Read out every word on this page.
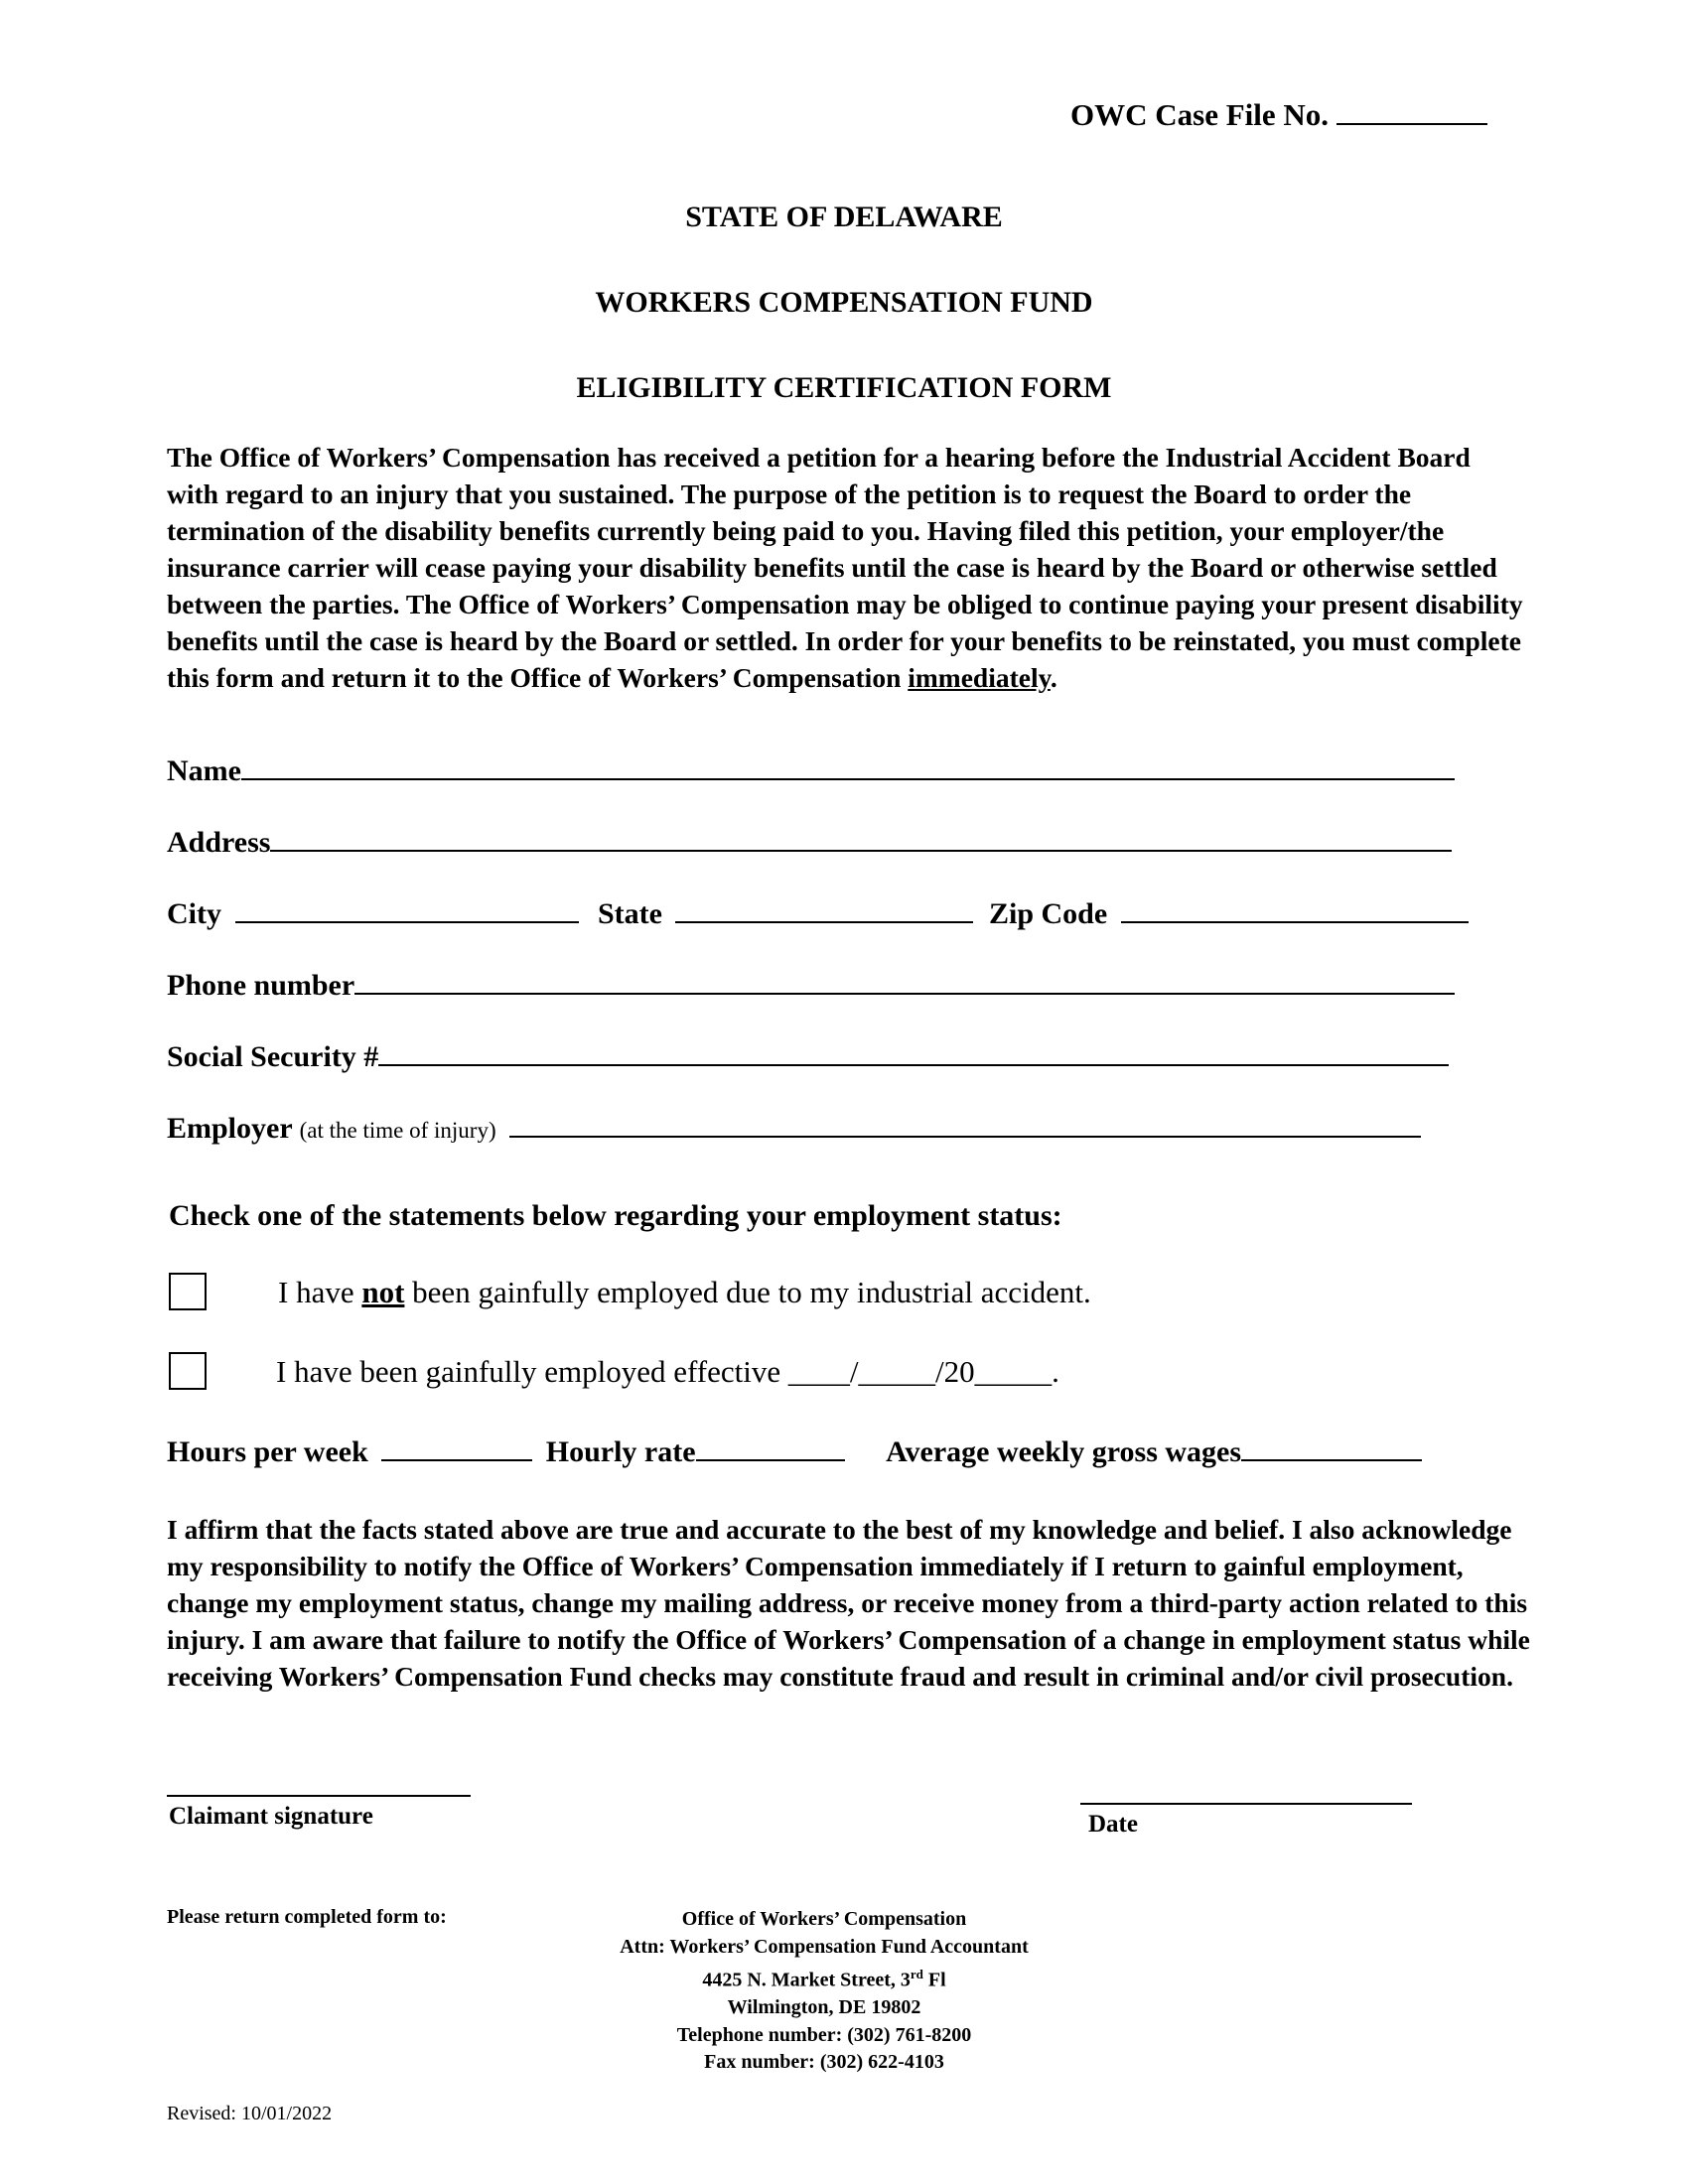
OWC Case File No.
STATE OF DELAWARE
WORKERS COMPENSATION FUND
ELIGIBILITY CERTIFICATION FORM
The Office of Workers’ Compensation has received a petition for a hearing before the Industrial Accident Board with regard to an injury that you sustained. The purpose of the petition is to request the Board to order the termination of the disability benefits currently being paid to you. Having filed this petition, your employer/the insurance carrier will cease paying your disability benefits until the case is heard by the Board or otherwise settled between the parties. The Office of Workers’ Compensation may be obliged to continue paying your present disability benefits until the case is heard by the Board or settled. In order for your benefits to be reinstated, you must complete this form and return it to the Office of Workers’ Compensation immediately.
Name
Address
City	State	Zip Code
Phone number
Social Security #
Employer (at the time of injury)
Check one of the statements below regarding your employment status:
I have not been gainfully employed due to my industrial accident.
I have been gainfully employed effective ____/_____/20_____.
Hours per week	Hourly rate	Average weekly gross wages
I affirm that the facts stated above are true and accurate to the best of my knowledge and belief. I also acknowledge my responsibility to notify the Office of Workers’ Compensation immediately if I return to gainful employment, change my employment status, change my mailing address, or receive money from a third-party action related to this injury. I am aware that failure to notify the Office of Workers’ Compensation of a change in employment status while receiving Workers’ Compensation Fund checks may constitute fraud and result in criminal and/or civil prosecution.
Claimant signature	Date
Please return completed form to:	Office of Workers’ Compensation
Attn: Workers’ Compensation Fund Accountant
4425 N. Market Street, 3rd Fl
Wilmington, DE 19802
Telephone number: (302) 761-8200
Fax number: (302) 622-4103
Revised: 10/01/2022
